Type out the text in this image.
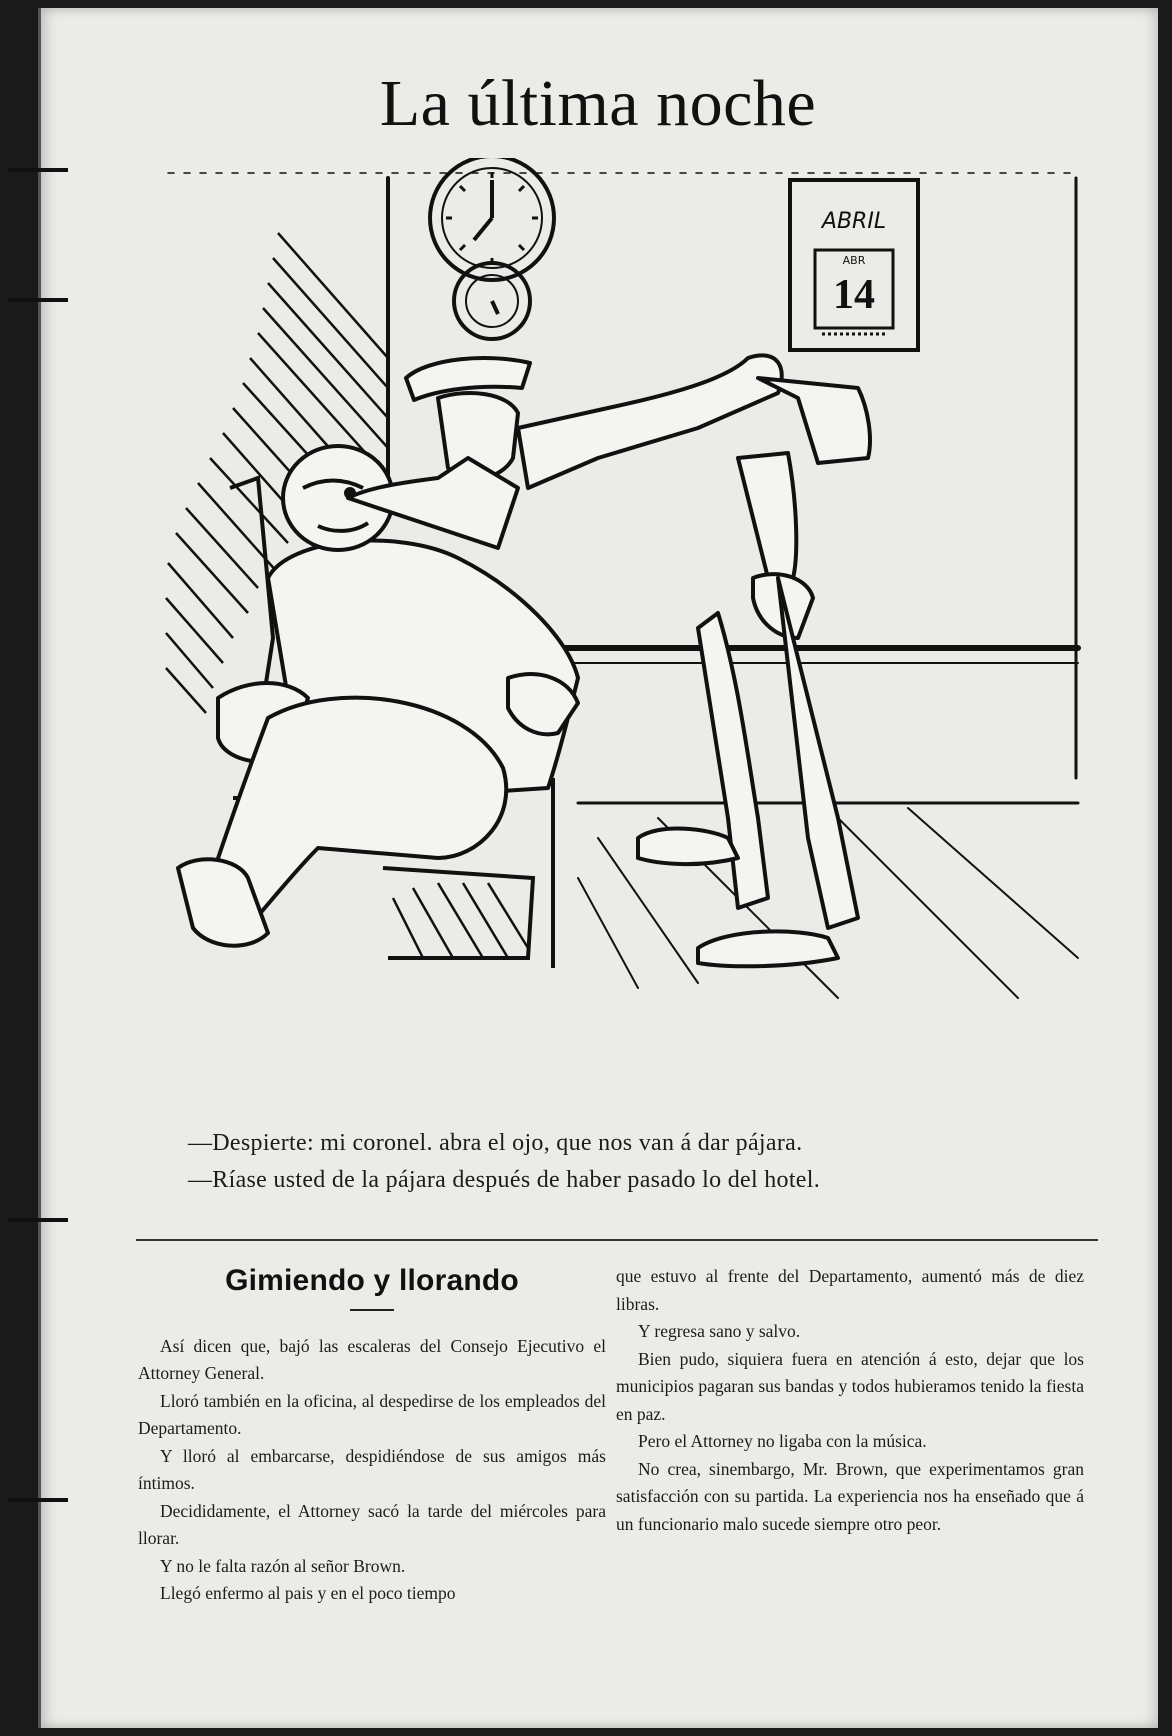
La última noche
ABRIL
ABR
14

—Despierte: mi coronel. abra el ojo, que nos van á dar pájara.

—Ríase usted de la pájara después de haber pasado lo del hotel.

Gimiendo y llorando

Así dicen que, bajó las escaleras del Consejo Ejecutivo el Attorney General.

Lloró también en la oficina, al despedirse de los empleados del Departamento.

Y lloró al embarcarse, despidiéndose de sus amigos más íntimos.

Decididamente, el Attorney sacó la tarde del miércoles para llorar.

Y no le falta razón al señor Brown.

Llegó enfermo al pais y en el poco tiempo

que estuvo al frente del Departamento, aumentó más de diez libras.

Y regresa sano y salvo.

Bien pudo, siquiera fuera en atención á esto, dejar que los municipios pagaran sus bandas y todos hubieramos tenido la fiesta en paz.

Pero el Attorney no ligaba con la música.

No crea, sinembargo, Mr. Brown, que experimentamos gran satisfacción con su partida. La experiencia nos ha enseñado que á un funcionario malo sucede siempre otro peor.
